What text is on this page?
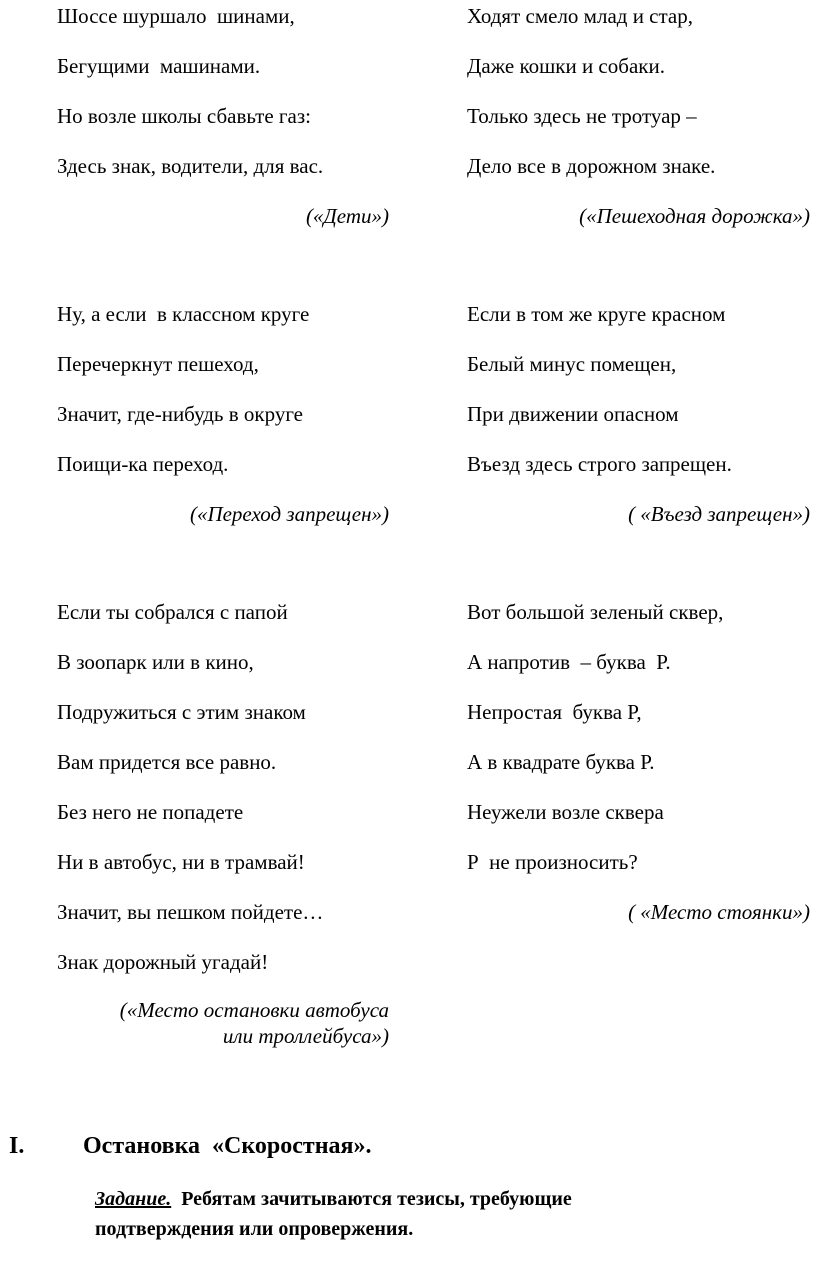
Шоссе шуршало  шинами,
Бегущими  машинами.
Но возле школы сбавьте газ:
Здесь знак, водители, для вас.
(«Дети»)
Ходят смело млад и стар,
Даже кошки и собаки.
Только здесь не тротуар –
Дело все в дорожном знаке.
(«Пешеходная дорожка»)
Ну, а если  в классном круге
Перечеркнут пешеход,
Значит, где-нибудь в округе
Поищи-ка переход.
(«Переход запрещен»)
Если в том же круге красном
Белый минус помещен,
При движении опасном
Въезд здесь строго запрещен.
( «Въезд запрещен»)
Если ты собрался с папой
В зоопарк или в кино,
Подружиться с этим знаком
Вам придется все равно.
Без него не попадете
Ни в автобус, ни в трамвай!
Значит, вы пешком пойдете…
Знак дорожный угадай!
(«Место остановки автобуса
или троллейбуса»)
Вот большой зеленый сквер,
А напротив  – буква  Р.
Непростая  буква Р,
А в квадрате буква Р.
Неужели возле сквера
Р  не произносить?
( «Место стоянки»)
I. Остановка  «Скоростная».
Задание.  Ребятам зачитываются тезисы, требующие подтверждения или опровержения.
